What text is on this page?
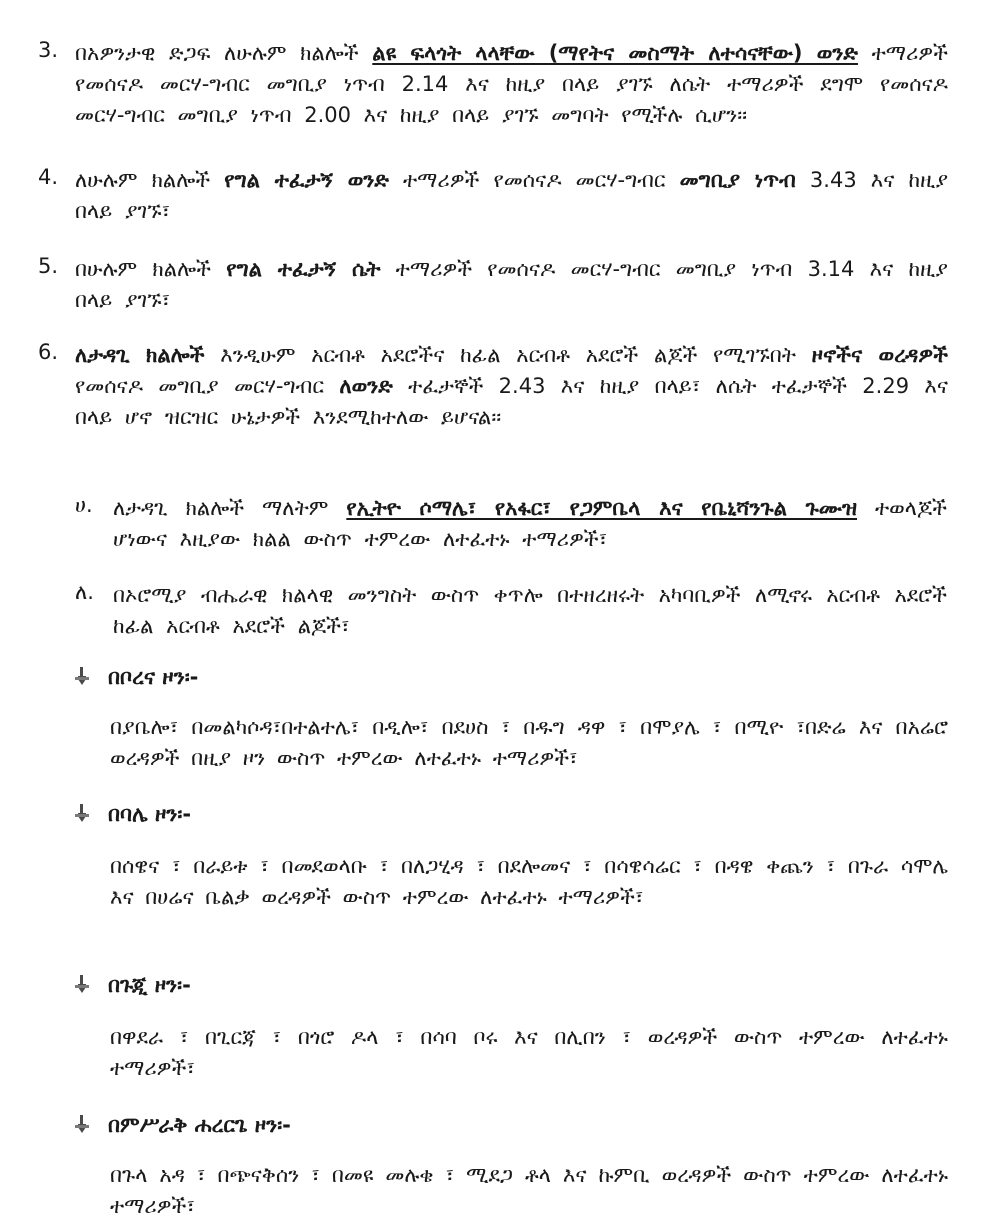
3. በአዎንታዊ ድጋፍ ለሁሉም ክልሎች ልዩ ፍላጎት ላላቸው (ማየትና መስማት ለተሳናቸው) ወንድ ተማሪዎች የመሰናዶ መርሃ-ግብር መግቢያ ነጥብ 2.14 እና ከዚያ በላይ ያገኙ ለሴት ተማሪዎች ደግሞ የመሰናዶ መርሃ-ግብር መግቢያ ነጥብ 2.00 እና ከዚያ በላይ ያገኙ መግባት የሚችሉ ሲሆን፡፡
4. ለሁሉም ክልሎች የግል ተፈታኝ ወንድ ተማሪዎች የመሰናዶ መርሃ-ግብር መግቢያ ነጥብ 3.43 እና ከዚያ በላይ ያገኙ፣
5. በሁሉም ክልሎች የግል ተፈታኝ ሴት ተማሪዎች የመሰናዶ መርሃ-ግብር መግቢያ ነጥብ 3.14 እና ከዚያ በላይ ያገኙ፣
6. ለታዳጊ ክልሎች እንዲሁም አርብቶ አደሮችና ከፊል አርብቶ አደሮች ልጆች የሚገኙበት ዞኖችና ወረዳዎች የመሰናዶ መግቢያ መርሃ-ግብር ለወንድ ተፈታኞች 2.43 እና ከዚያ በላይ፣ ለሴት ተፈታኞች 2.29 እና በላይ ሆኖ ዝርዝር ሁኔታዎች እንደሚከተለው ይሆናል፡፡
ሀ. ለታዳጊ ክልሎች ማለትም የኢትዮ ሶማሌ፣ የአፋር፣ የጋምቤላ እና የቤኒሻንጉል ጉሙዝ ተወላጆች ሆነውና እዚያው ክልል ውስጥ ተምረው ለተፈተኑ ተማሪዎች፣
ለ. በኦሮሚያ ብሔራዊ ክልላዊ መንግስት ውስጥ ቀጥሎ በተዘረዘሩት አካባቢዎች ለሚኖሩ አርብቶ አደሮች ከፊል አርብቶ አደሮች ልጆች፣
በቦረና ዞን፡-
በያቤሎ፣ በመልካሶዳ፣በተልተሌ፣ በዲሎ፣ በደሀስ ፣ በዱግ ዳዋ ፣ በሞያሌ ፣ በሚዮ ፣በድሬ እና በአሬሮ ወረዳዎች በዚያ ዞን ውስጥ ተምረው ለተፈተኑ ተማሪዎች፣
በባሌ ዞን፡-
በሰዌና ፣ በራይቱ ፣ በመደወላቡ ፣ በለጋሂዳ ፣ በደሎመና ፣ በሳዌሳሬር ፣ በዳዌ ቀጨን ፣ በጉራ ሳሞሌ እና በሀሬና ቤልቃ ወረዳዎች ውስጥ ተምረው ለተፈተኑ ተማሪዎች፣
በጉጂ ዞን፡-
በዋደራ ፣ በጊርጃ ፣ በጎሮ ዶላ ፣ በሳባ ቦሩ እና በሊበን ፣ ወረዳዎች ውስጥ ተምረው ለተፈተኑ ተማሪዎች፣
በምሥራቅ ሐረርጌ ዞን፡-
በጉላ አዳ ፣ በጭናቅሰን ፣ በመዩ መሉቄ ፣ ሚደጋ ቶላ እና ኩምቢ ወረዳዎች ውስጥ ተምረው ለተፈተኑ ተማሪዎች፣
